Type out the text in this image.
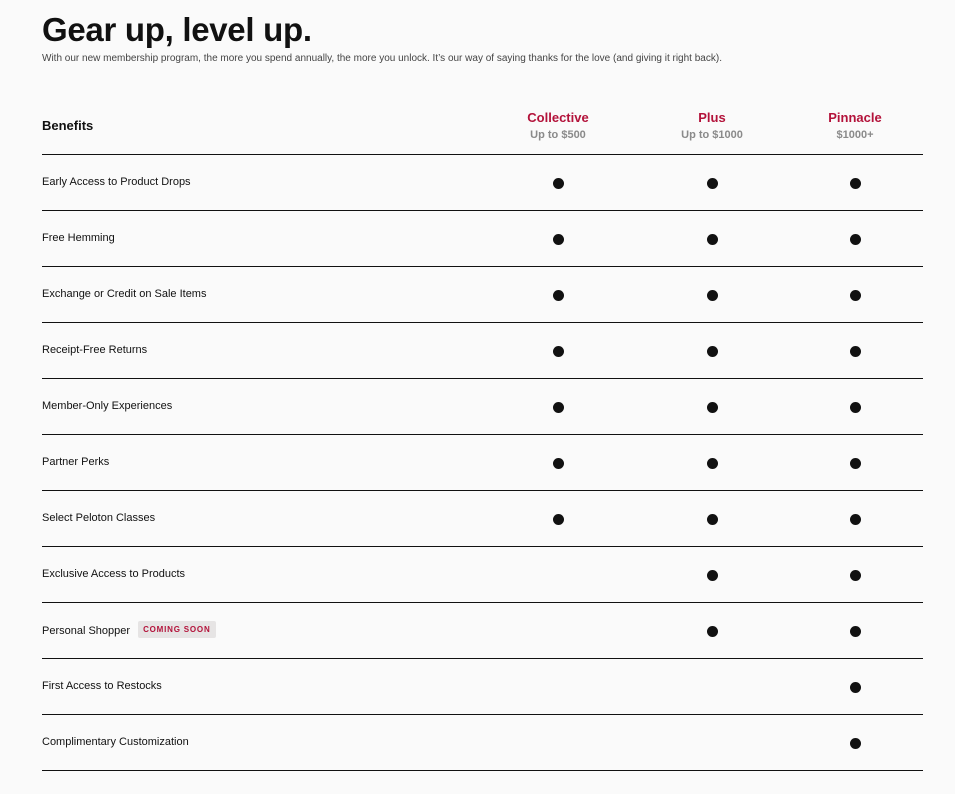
Gear up, level up.

With our new membership program, the more you spend annually, the more you unlock. It’s our way of saying thanks for the love (and giving it right back).

Benefits
Collective
Up to $500
Plus
Up to $1000
Pinnacle
$1000+
Early Access to Product Drops
Free Hemming
Exchange or Credit on Sale Items
Receipt-Free Returns
Member-Only Experiences
Partner Perks
Select Peloton Classes
Exclusive Access to Products
Personal Shopper	COMING SOON
First Access to Restocks
Complimentary Customization
